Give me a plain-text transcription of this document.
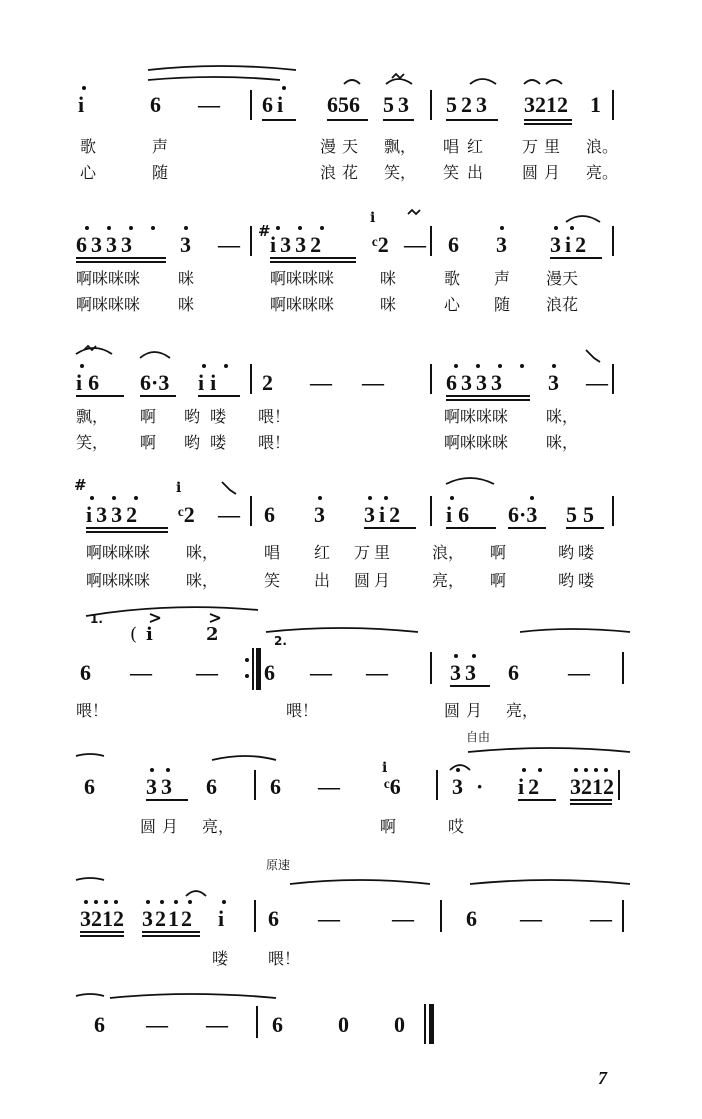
i	6 — 6i 656 53 523 3212 1
歌	声	漫天 飘， 唱红 万里 浪。
心	随	浪花 笑， 笑出 圆月 亮。
6333 3 —
#
i332
i
ᶜ2 — 6 3 3i2
啊咪咪咪 咪	啊咪咪咪	咪	歌 声 漫天
啊咪咪咪 咪	啊咪咪咪	咪	心 随 浪花
i6 6·3 ii 2 — —	6333 3 —
飘， 啊 哟喽 喂！	啊咪咪咪 咪，
笑， 啊 哟喽 喂！	啊咪咪咪 咪，
#
i332
i
ᶜ2 — 6 3 3i2 i6 6·3 55
啊咪咪咪 咪，	唱 红 万里 浪， 啊	哟喽
啊咪咪咪 咪，	笑 出 圆月 亮， 啊	哟喽
1.
2.
( i	2
6 — — 6 — —	33 6 —
喂！	喂！	圆月 亮，
自由
6 33 6 6 —
i
ᶜ6 3 · i2 3212
圆月 亮，	啊	哎
原速
3212 3212 i 6 — — 6 — —
喽 喂！
6 — — 6	0 0
7
